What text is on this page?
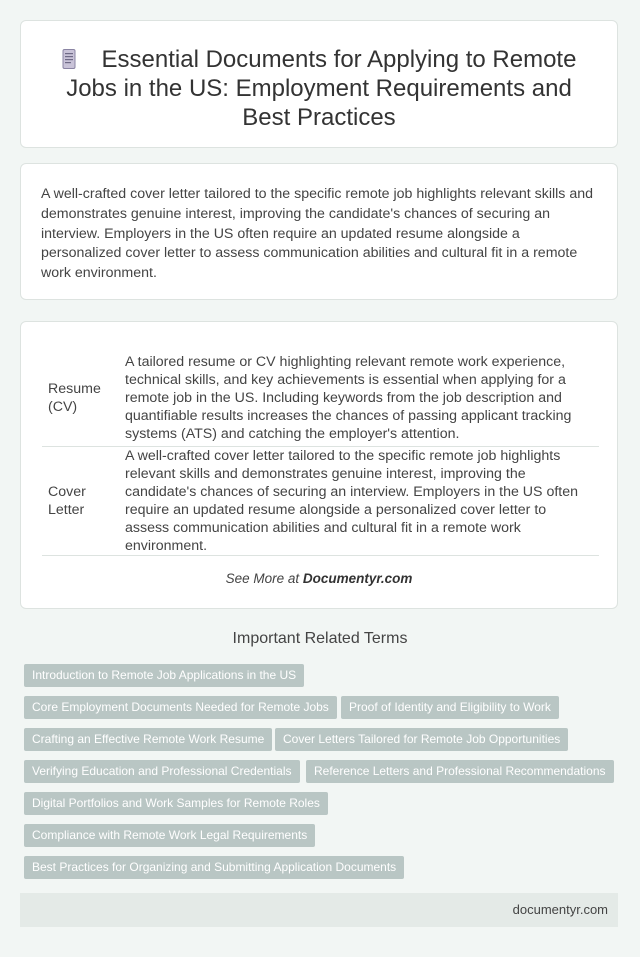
Essential Documents for Applying to Remote Jobs in the US: Employment Requirements and Best Practices

A well-crafted cover letter tailored to the specific remote job highlights relevant skills and demonstrates genuine interest, improving the candidate's chances of securing an interview. Employers in the US often require an updated resume alongside a personalized cover letter to assess communication abilities and cultural fit in a remote work environment.

Resume (CV)	A tailored resume or CV highlighting relevant remote work experience, technical skills, and key achievements is essential when applying for a remote job in the US. Including keywords from the job description and quantifiable results increases the chances of passing applicant tracking systems (ATS) and catching the employer's attention.
Cover Letter	A well-crafted cover letter tailored to the specific remote job highlights relevant skills and demonstrates genuine interest, improving the candidate's chances of securing an interview. Employers in the US often require an updated resume alongside a personalized cover letter to assess communication abilities and cultural fit in a remote work environment.
See More at Documentyr.com
Important Related Terms
Introduction to Remote Job Applications in the US
Core Employment Documents Needed for Remote Jobs	Proof of Identity and Eligibility to Work
Crafting an Effective Remote Work Resume	Cover Letters Tailored for Remote Job Opportunities
Verifying Education and Professional Credentials	Reference Letters and Professional Recommendations
Digital Portfolios and Work Samples for Remote Roles
Compliance with Remote Work Legal Requirements
Best Practices for Organizing and Submitting Application Documents
documentyr.com
